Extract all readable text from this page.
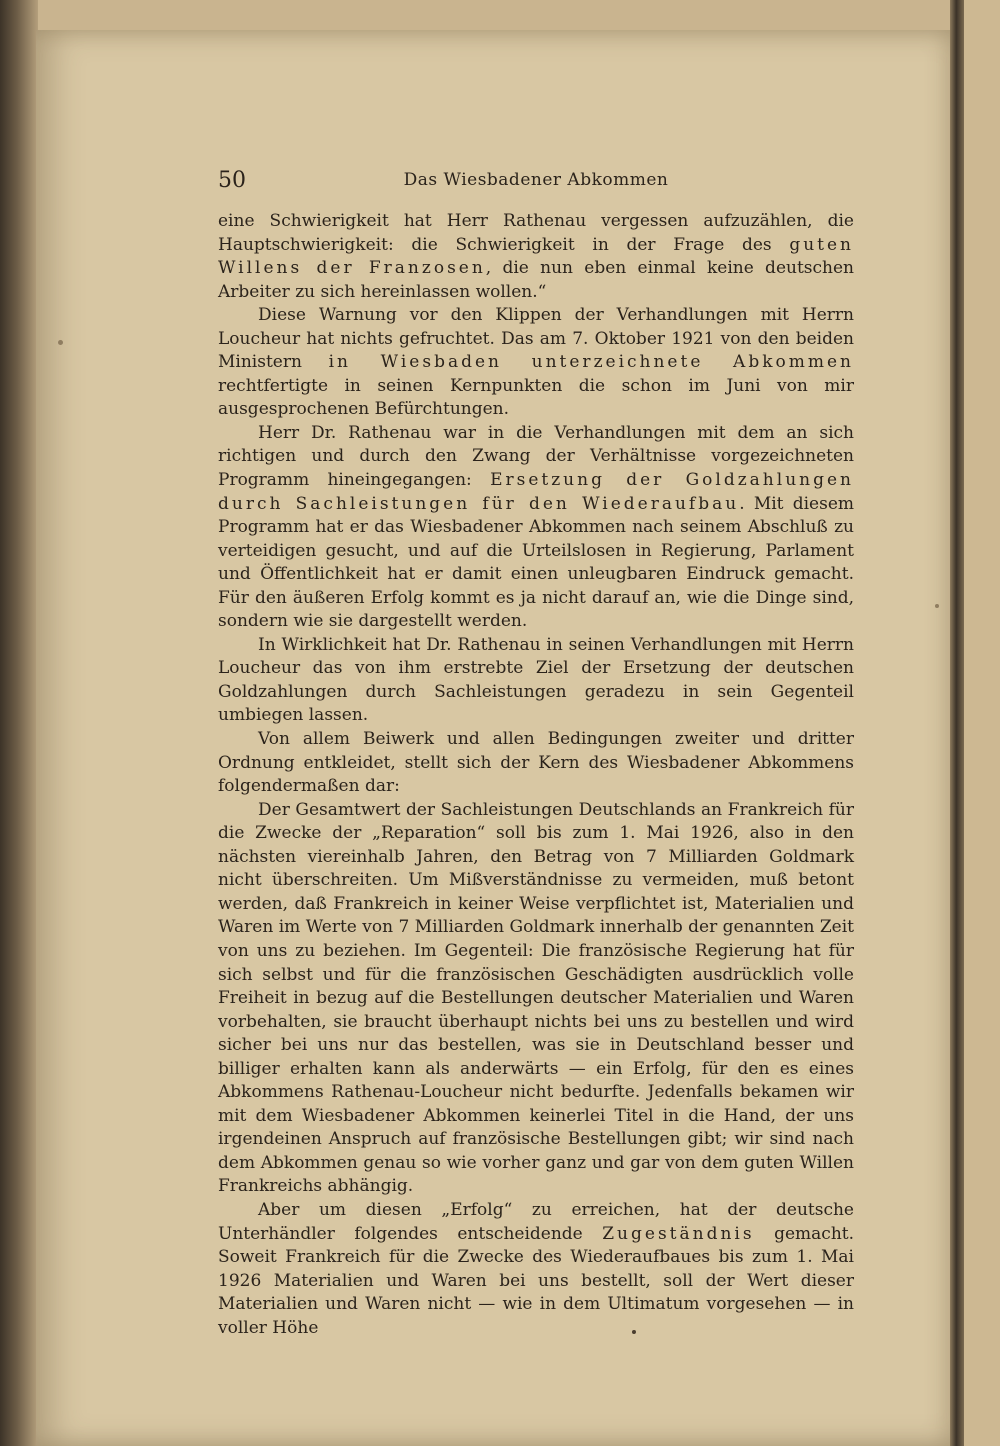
50	Das Wiesbadener Abkommen

eine Schwierigkeit hat Herr Rathenau vergessen aufzuzählen, die Hauptschwierigkeit: die Schwierigkeit in der Frage des guten Willens der Franzosen, die nun eben einmal keine deutschen Arbeiter zu sich hereinlassen wollen.“

Diese Warnung vor den Klippen der Verhandlungen mit Herrn Loucheur hat nichts gefruchtet. Das am 7. Oktober 1921 von den beiden Ministern in Wiesbaden unterzeichnete Abkommen rechtfertigte in seinen Kernpunkten die schon im Juni von mir ausgesprochenen Befürchtungen.

Herr Dr. Rathenau war in die Verhandlungen mit dem an sich richtigen und durch den Zwang der Verhältnisse vorgezeichneten Programm hineingegangen: Ersetzung der Goldzahlungen durch Sachleistungen für den Wiederaufbau. Mit diesem Programm hat er das Wiesbadener Abkommen nach seinem Abschluß zu verteidigen gesucht, und auf die Urteilslosen in Regierung, Parlament und Öffentlichkeit hat er damit einen unleugbaren Eindruck gemacht. Für den äußeren Erfolg kommt es ja nicht darauf an, wie die Dinge sind, sondern wie sie dargestellt werden.

In Wirklichkeit hat Dr. Rathenau in seinen Verhandlungen mit Herrn Loucheur das von ihm erstrebte Ziel der Ersetzung der deutschen Goldzahlungen durch Sachleistungen geradezu in sein Gegenteil umbiegen lassen.

Von allem Beiwerk und allen Bedingungen zweiter und dritter Ordnung entkleidet, stellt sich der Kern des Wiesbadener Abkommens folgendermaßen dar:

Der Gesamtwert der Sachleistungen Deutschlands an Frankreich für die Zwecke der „Reparation“ soll bis zum 1. Mai 1926, also in den nächsten viereinhalb Jahren, den Betrag von 7 Milliarden Goldmark nicht überschreiten. Um Mißverständnisse zu vermeiden, muß betont werden, daß Frankreich in keiner Weise verpflichtet ist, Materialien und Waren im Werte von 7 Milliarden Goldmark innerhalb der genannten Zeit von uns zu beziehen. Im Gegenteil: Die französische Regierung hat für sich selbst und für die französischen Geschädigten ausdrücklich volle Freiheit in bezug auf die Bestellungen deutscher Materialien und Waren vorbehalten, sie braucht überhaupt nichts bei uns zu bestellen und wird sicher bei uns nur das bestellen, was sie in Deutschland besser und billiger erhalten kann als anderwärts — ein Erfolg, für den es eines Abkommens Rathenau-Loucheur nicht bedurfte. Jedenfalls bekamen wir mit dem Wiesbadener Abkommen keinerlei Titel in die Hand, der uns irgendeinen Anspruch auf französische Bestellungen gibt; wir sind nach dem Abkommen genau so wie vorher ganz und gar von dem guten Willen Frankreichs abhängig.

Aber um diesen „Erfolg“ zu erreichen, hat der deutsche Unterhändler folgendes entscheidende Zugeständnis gemacht. Soweit Frankreich für die Zwecke des Wiederaufbaues bis zum 1. Mai 1926 Materialien und Waren bei uns bestellt, soll der Wert dieser Materialien und Waren nicht — wie in dem Ultimatum vorgesehen — in voller Höhe
